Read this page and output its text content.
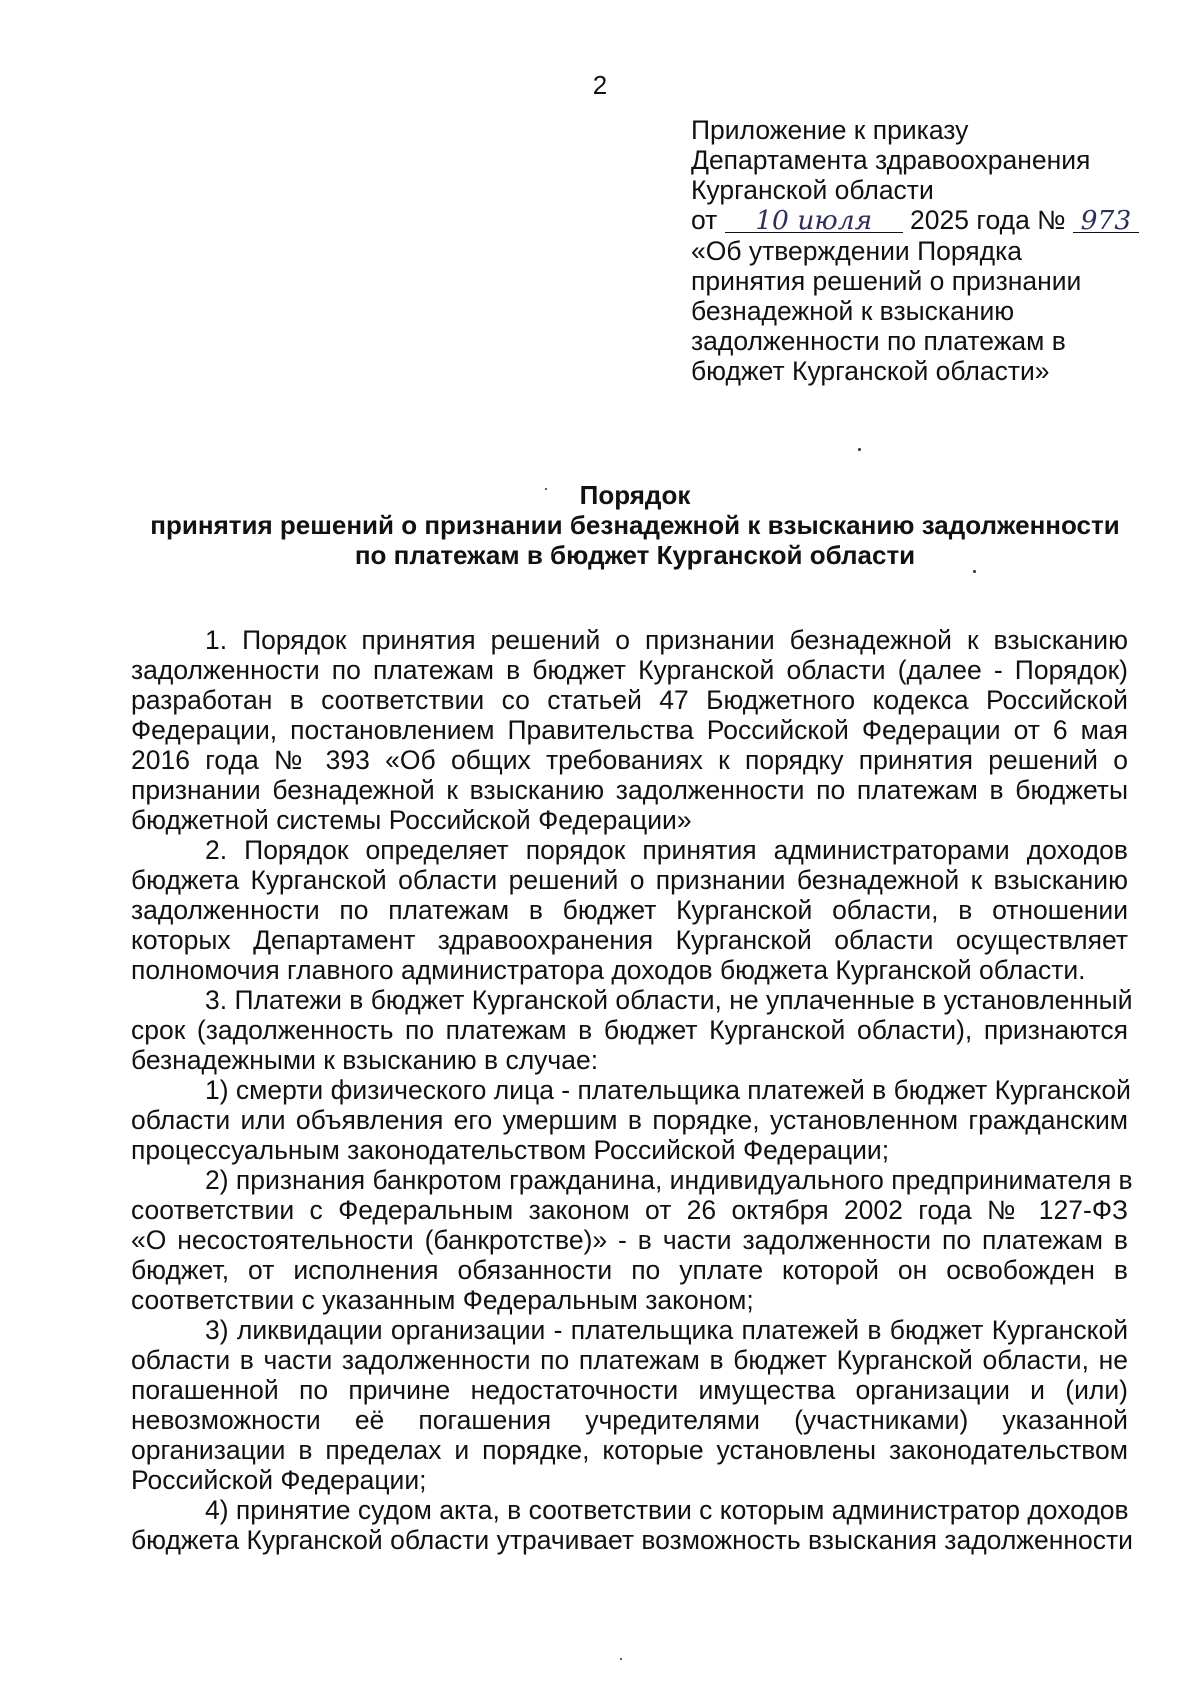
2
Приложение к приказу
Департамента здравоохранения
Курганской области
от 10 июля 2025 года № 973
«Об утверждении Порядка
принятия решений о признании
безнадежной к взысканию
задолженности по платежам в
бюджет Курганской области»
Порядок
принятия решений о признании безнадежной к взысканию задолженности
по платежам в бюджет Курганской области
1. Порядок принятия решений о признании безнадежной к взысканию
задолженности по платежам в бюджет Курганской области (далее - Порядок)
разработан в соответствии со статьей 47 Бюджетного кодекса Российской
Федерации, постановлением Правительства Российской Федерации от 6 мая
2016 года № 393 «Об общих требованиях к порядку принятия решений о
признании безнадежной к взысканию задолженности по платежам в бюджеты
бюджетной системы Российской Федерации»
2. Порядок определяет порядок принятия администраторами доходов
бюджета Курганской области решений о признании безнадежной к взысканию
задолженности по платежам в бюджет Курганской области, в отношении
которых Департамент здравоохранения Курганской области осуществляет
полномочия главного администратора доходов бюджета Курганской области.
3. Платежи в бюджет Курганской области, не уплаченные в установленный
срок (задолженность по платежам в бюджет Курганской области), признаются
безнадежными к взысканию в случае:
1) смерти физического лица - плательщика платежей в бюджет Курганской
области или объявления его умершим в порядке, установленном гражданским
процессуальным законодательством Российской Федерации;
2) признания банкротом гражданина, индивидуального предпринимателя в
соответствии с Федеральным законом от 26 октября 2002 года № 127-ФЗ
«О несостоятельности (банкротстве)» - в части задолженности по платежам в
бюджет, от исполнения обязанности по уплате которой он освобожден в
соответствии с указанным Федеральным законом;
3) ликвидации организации - плательщика платежей в бюджет Курганской
области в части задолженности по платежам в бюджет Курганской области, не
погашенной по причине недостаточности имущества организации и (или)
невозможности её погашения учредителями (участниками) указанной
организации в пределах и порядке, которые установлены законодательством
Российской Федерации;
4) принятие судом акта, в соответствии с которым администратор доходов
бюджета Курганской области утрачивает возможность взыскания задолженности
